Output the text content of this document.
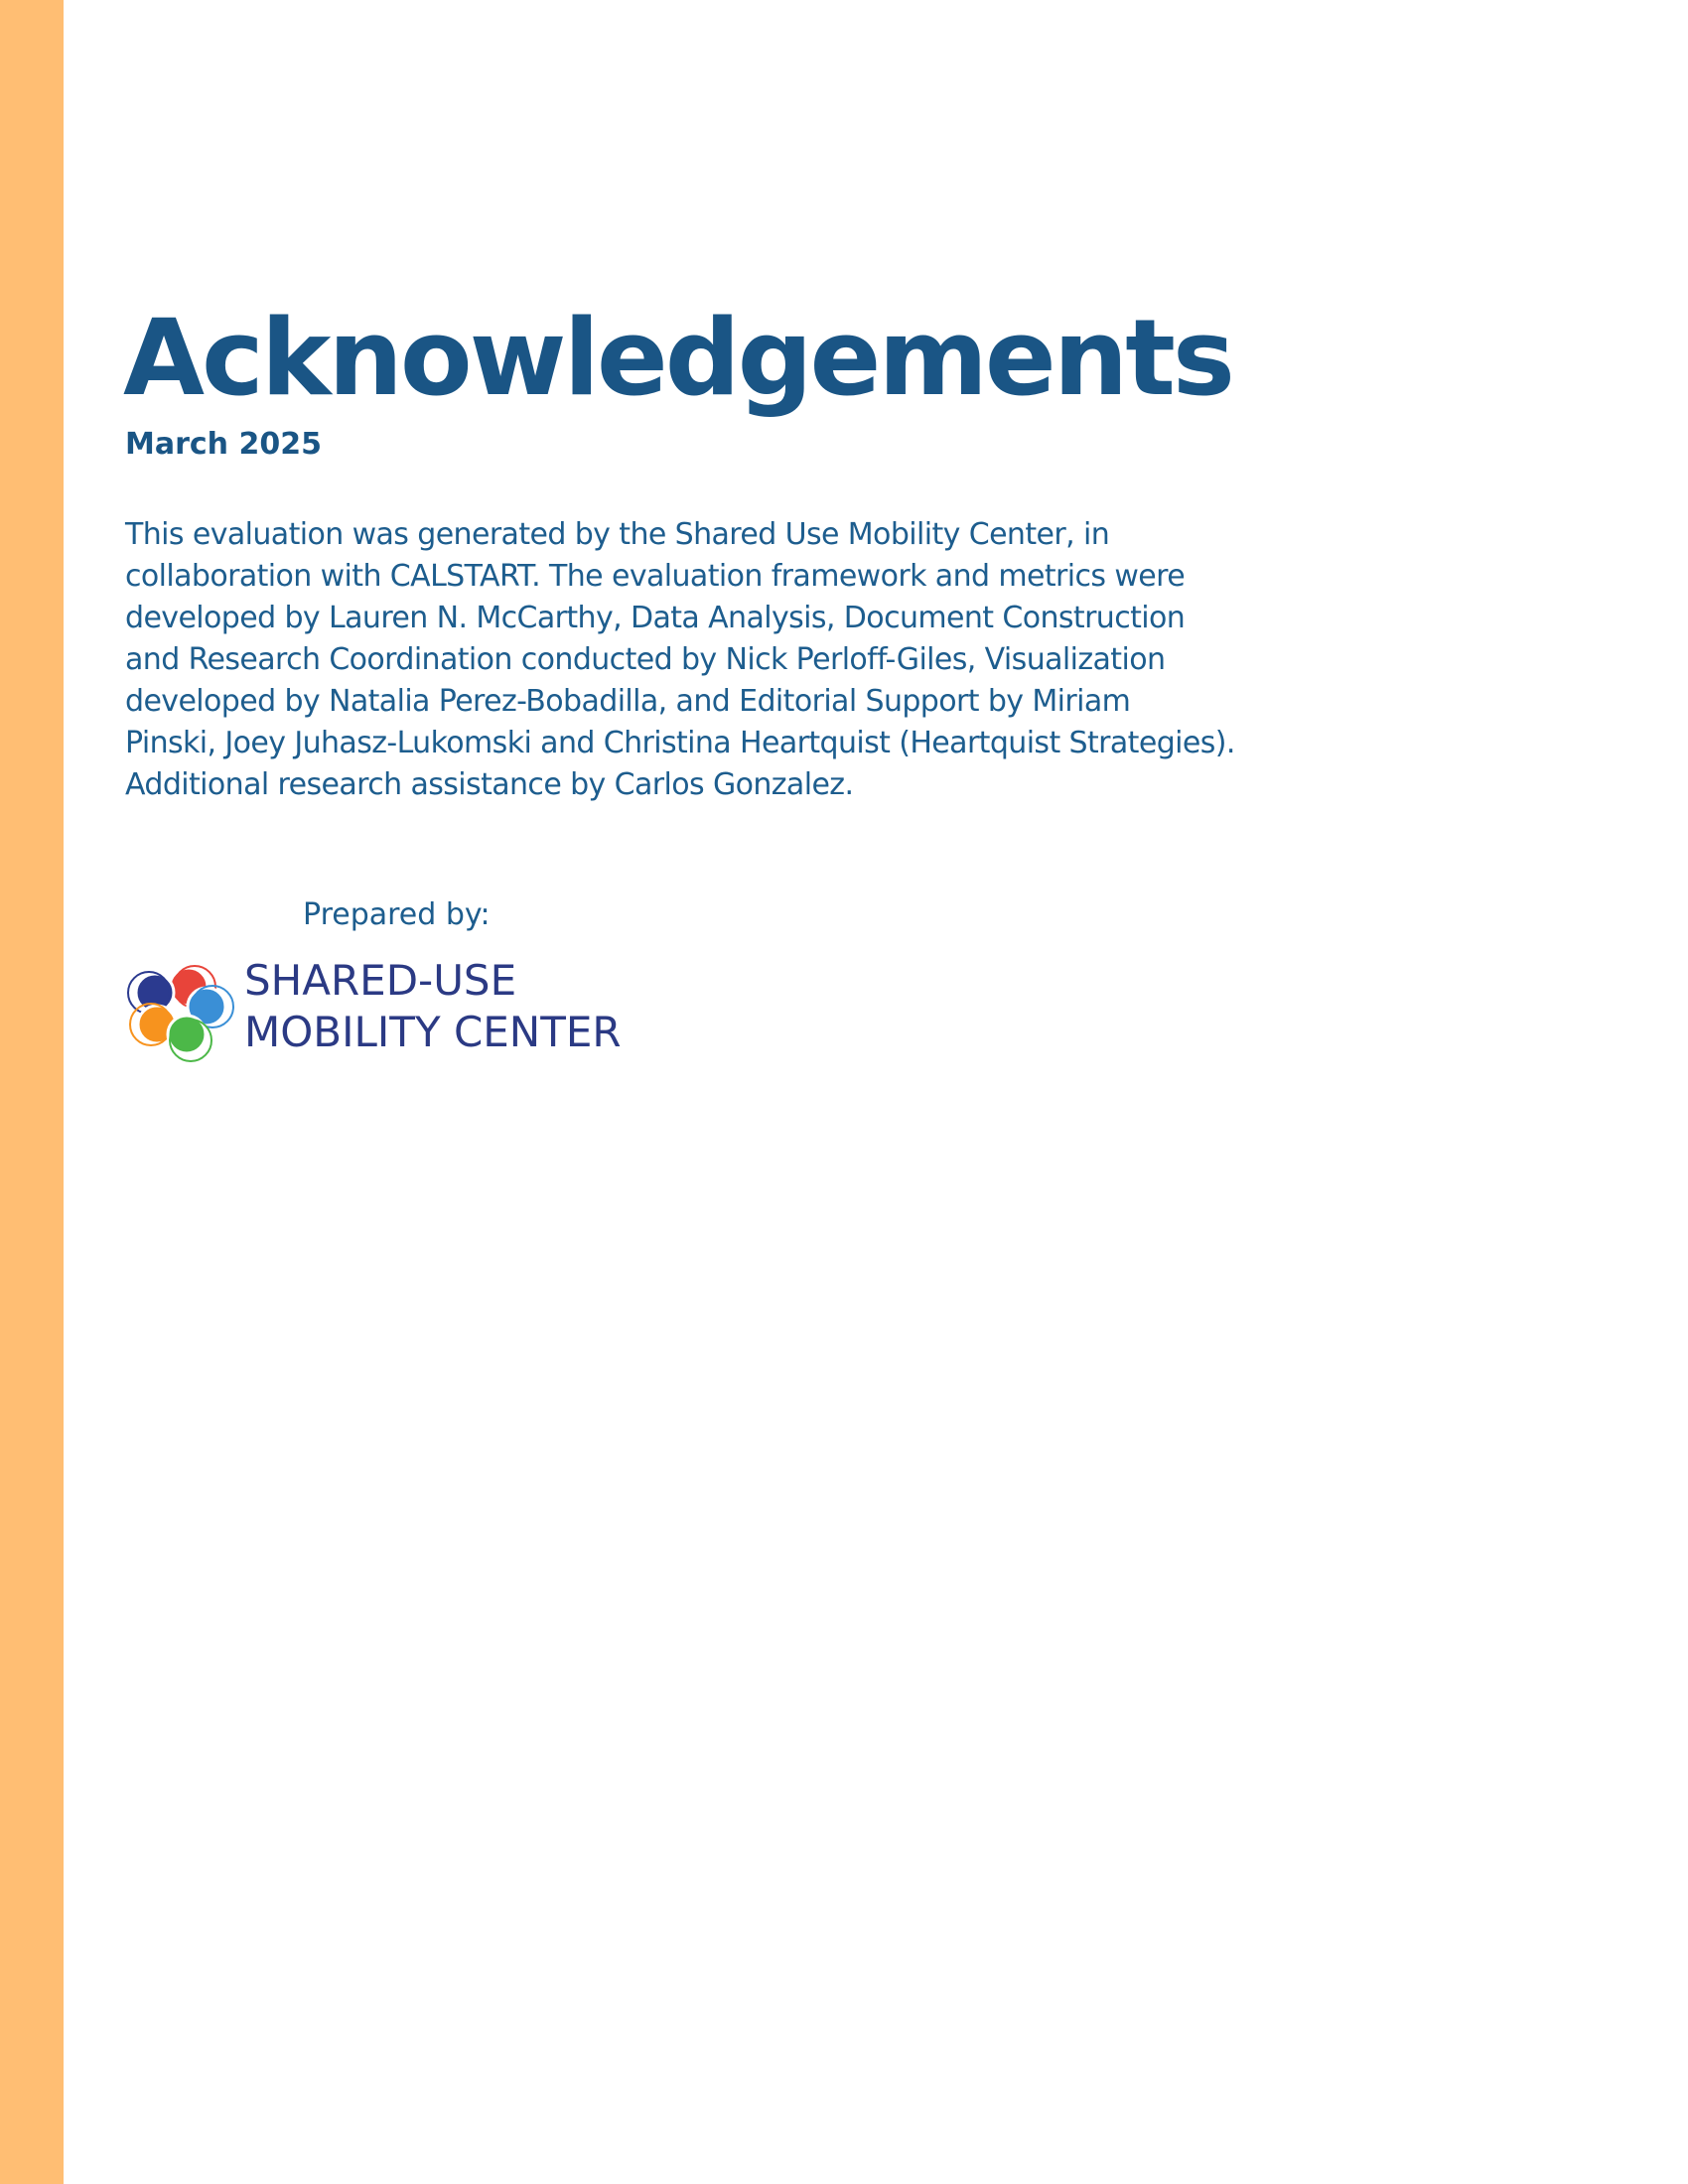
Acknowledgements
March 2025

This evaluation was generated by the Shared Use Mobility Center, in
collaboration with CALSTART. The evaluation framework and metrics were
developed by Lauren N. McCarthy, Data Analysis, Document Construction
and Research Coordination conducted by Nick Perloff-Giles, Visualization
developed by Natalia Perez-Bobadilla, and Editorial Support by Miriam
Pinski, Joey Juhasz-Lukomski and Christina Heartquist (Heartquist Strategies).
Additional research assistance by Carlos Gonzalez.

Prepared by:
SHARED-USE
MOBILITY CENTER
